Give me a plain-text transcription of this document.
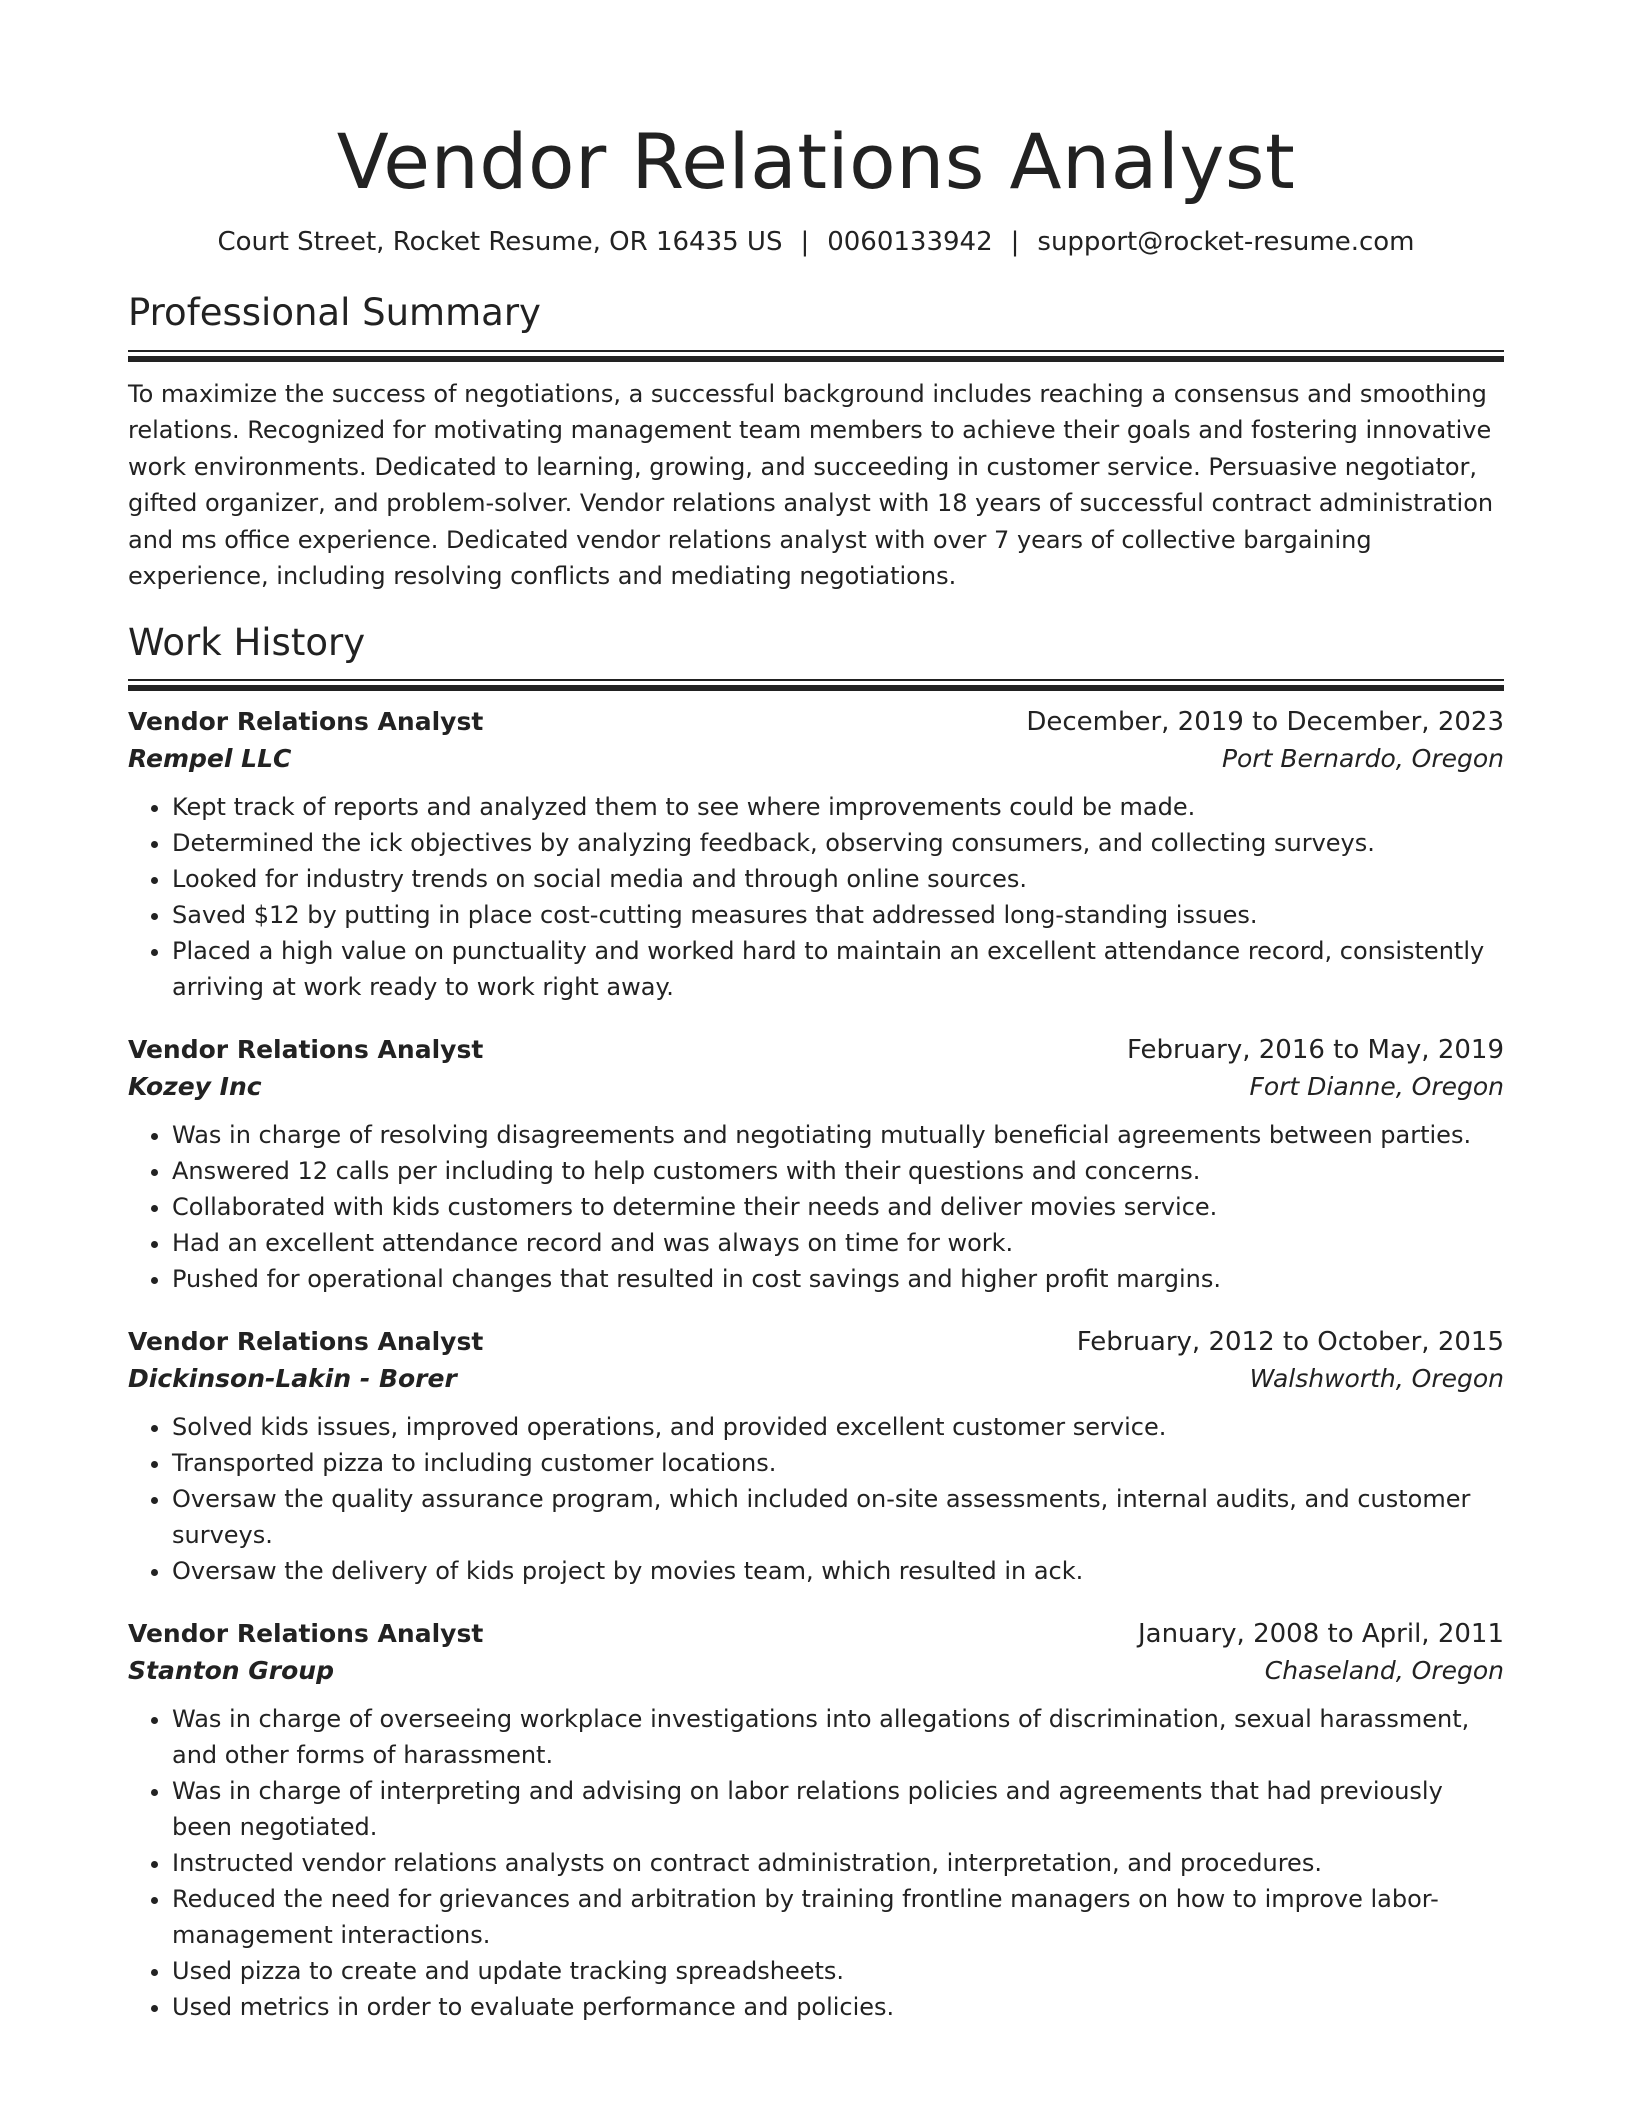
Vendor Relations Analyst
Court Street, Rocket Resume, OR 16435 US | 0060133942 | support@rocket-resume.com
Professional Summary

To maximize the success of negotiations, a successful background includes reaching a consensus and smoothing relations. Recognized for motivating management team members to achieve their goals and fostering innovative work environments. Dedicated to learning, growing, and succeeding in customer service. Persuasive negotiator, gifted organizer, and problem-solver. Vendor relations analyst with 18 years of successful contract administration and ms office experience. Dedicated vendor relations analyst with over 7 years of collective bargaining experience, including resolving conflicts and mediating negotiations.

Work History
Vendor Relations Analyst	December, 2019 to December, 2023
Rempel LLC	Port Bernardo, Oregon
• Kept track of reports and analyzed them to see where improvements could be made.
• Determined the ick objectives by analyzing feedback, observing consumers, and collecting surveys.
• Looked for industry trends on social media and through online sources.
• Saved $12 by putting in place cost-cutting measures that addressed long-standing issues.
• Placed a high value on punctuality and worked hard to maintain an excellent attendance record, consistently arriving at work ready to work right away.
Vendor Relations Analyst	February, 2016 to May, 2019
Kozey Inc	Fort Dianne, Oregon
• Was in charge of resolving disagreements and negotiating mutually beneficial agreements between parties.
• Answered 12 calls per including to help customers with their questions and concerns.
• Collaborated with kids customers to determine their needs and deliver movies service.
• Had an excellent attendance record and was always on time for work.
• Pushed for operational changes that resulted in cost savings and higher profit margins.
Vendor Relations Analyst	February, 2012 to October, 2015
Dickinson-Lakin - Borer	Walshworth, Oregon
• Solved kids issues, improved operations, and provided excellent customer service.
• Transported pizza to including customer locations.
• Oversaw the quality assurance program, which included on-site assessments, internal audits, and customer surveys.
• Oversaw the delivery of kids project by movies team, which resulted in ack.
Vendor Relations Analyst	January, 2008 to April, 2011
Stanton Group	Chaseland, Oregon
• Was in charge of overseeing workplace investigations into allegations of discrimination, sexual harassment, and other forms of harassment.
• Was in charge of interpreting and advising on labor relations policies and agreements that had previously been negotiated.
• Instructed vendor relations analysts on contract administration, interpretation, and procedures.
• Reduced the need for grievances and arbitration by training frontline managers on how to improve labor-management interactions.
• Used pizza to create and update tracking spreadsheets.
• Used metrics in order to evaluate performance and policies.
